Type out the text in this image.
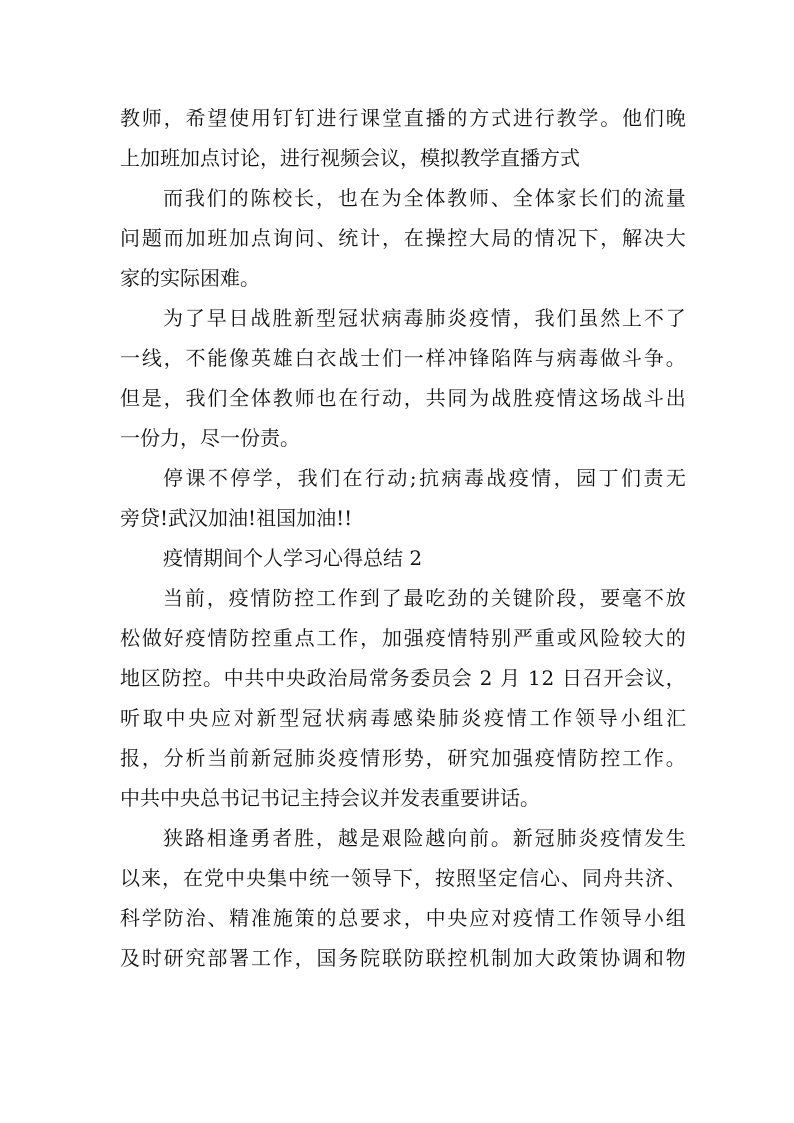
教 师 ， 希 望 使 用 钉 钉 进 行 课 堂 直 播 的 方 式 进 行 教 学 。 他 们 晚
上加班加点讨论，进行视频会议，模拟教学直播方式
而 我 们 的 陈 校 长 ， 也 在 为 全 体 教 师 、 全 体 家 长 们 的 流 量
问 题 而 加 班 加 点 询 问 、 统 计 ， 在 操 控 大 局 的 情 况 下 ， 解 决 大
家的实际困难。
为 了 早 日 战 胜 新 型 冠 状 病 毒 肺 炎 疫 情 ， 我 们 虽 然 上 不 了
一 线 ， 不 能 像 英 雄 白 衣 战 士 们 一 样 冲 锋 陷 阵 与 病 毒 做 斗 争 。
但 是 ， 我 们 全 体 教 师 也 在 行 动 ， 共 同 为 战 胜 疫 情 这 场 战 斗 出
一份力，尽一份责。
停 课 不 停 学 ， 我 们 在 行 动 ; 抗 病 毒 战 疫 情 ， 园 丁 们 责 无
旁贷!武汉加油!祖国加油!!
疫情期间个人学习心得总结 2
当 前 ， 疫 情 防 控 工 作 到 了 最 吃 劲 的 关 键 阶 段 ， 要 毫 不 放
松 做 好 疫 情 防 控 重 点 工 作 ， 加 强 疫 情 特 别 严 重 或 风 险 较 大 的
地 区 防 控 。 中 共 中 央 政 治 局 常 务 委 员 会
2
月
1 2
日 召 开 会 议 ，
听 取 中 央 应 对 新 型 冠 状 病 毒 感 染 肺 炎 疫 情 工 作 领 导 小 组 汇
报 ， 分 析 当 前 新 冠 肺 炎 疫 情 形 势 ， 研 究 加 强 疫 情 防 控 工 作 。
中共中央总书记书记主持会议并发表重要讲话。
狭 路 相 逢 勇 者 胜 ， 越 是 艰 险 越 向 前 。 新 冠 肺 炎 疫 情 发 生
以 来 ， 在 党 中 央 集 中 统 一 领 导 下 ， 按 照 坚 定 信 心 、 同 舟 共 济 、
科 学 防 治 、 精 准 施 策 的 总 要 求 ， 中 央 应 对 疫 情 工 作 领 导 小 组
及 时 研 究 部 署 工 作 ， 国 务 院 联 防 联 控 机 制 加 大 政 策 协 调 和 物
